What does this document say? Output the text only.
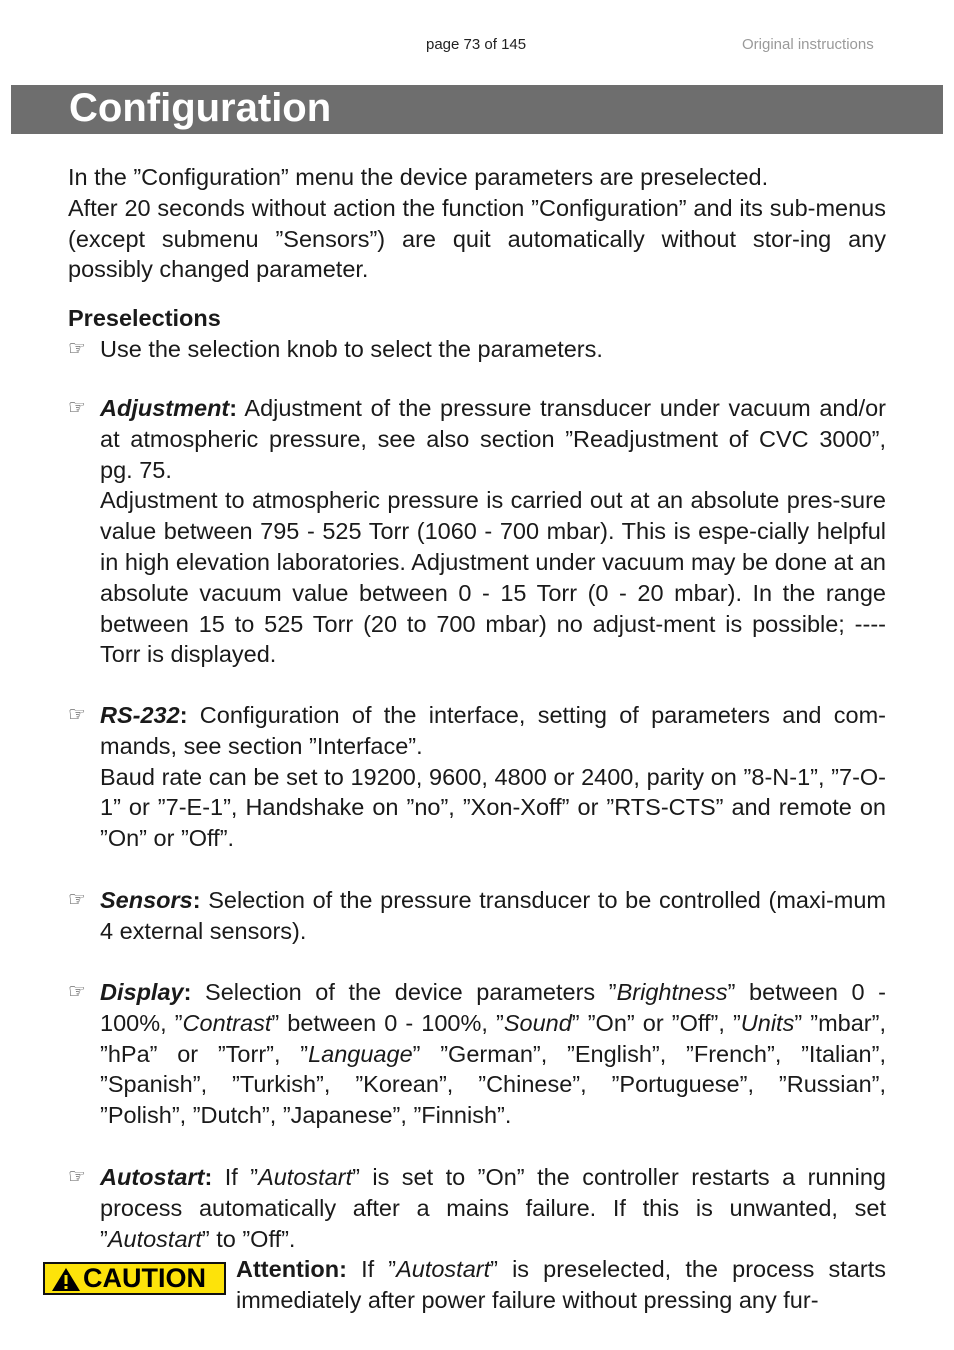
page 73 of 145	Original instructions
Configuration

In the ”Configuration” menu the device parameters are preselected.

After 20 seconds without action the function ”Configuration” and its sub-menus (except submenu ”Sensors”) are quit automatically without stor-ing any possibly changed parameter.

Preselections
☞ Use the selection knob to select the parameters.

☞ Adjustment: Adjustment of the pressure transducer under vacuum and/or at atmospheric pressure, see also section ”Readjustment of CVC 3000”, pg. 75.

Adjustment to atmospheric pressure is carried out at an absolute pres-sure value between 795 - 525 Torr (1060 - 700 mbar). This is espe-cially helpful in high elevation laboratories. Adjustment under vacuum may be done at an absolute vacuum value between 0 - 15 Torr (0 - 20 mbar). In the range between 15 to 525 Torr (20 to 700 mbar) no adjust-ment is possible; ---- Torr is displayed.

☞ RS-232: Configuration of the interface, setting of parameters and com-mands, see section ”Interface”.

Baud rate can be set to 19200, 9600, 4800 or 2400, parity on ”8-N-1”, ”7-O-1” or ”7-E-1”, Handshake on ”no”, ”Xon-Xoff” or ”RTS-CTS” and remote on ”On” or ”Off”.

☞ Sensors: Selection of the pressure transducer to be controlled (maxi-mum 4 external sensors).

☞ Display: Selection of the device parameters ”Brightness” between 0 - 100%, ”Contrast” between 0 - 100%, ”Sound” ”On” or ”Off”, ”Units” ”mbar”, ”hPa” or ”Torr”, ”Language” ”German”, ”English”, ”French”, ”Italian”, ”Spanish”, ”Turkish”, ”Korean”, ”Chinese”, ”Portuguese”, ”Russian”, ”Polish”, ”Dutch”, ”Japanese”, ”Finnish”.

☞ Autostart: If ”Autostart” is set to ”On” the controller restarts a running process automatically after a mains failure. If this is unwanted, set ”Autostart” to ”Off”.

CAUTION Attention: If ”Autostart” is preselected, the process starts immediately after power failure without pressing any fur-
